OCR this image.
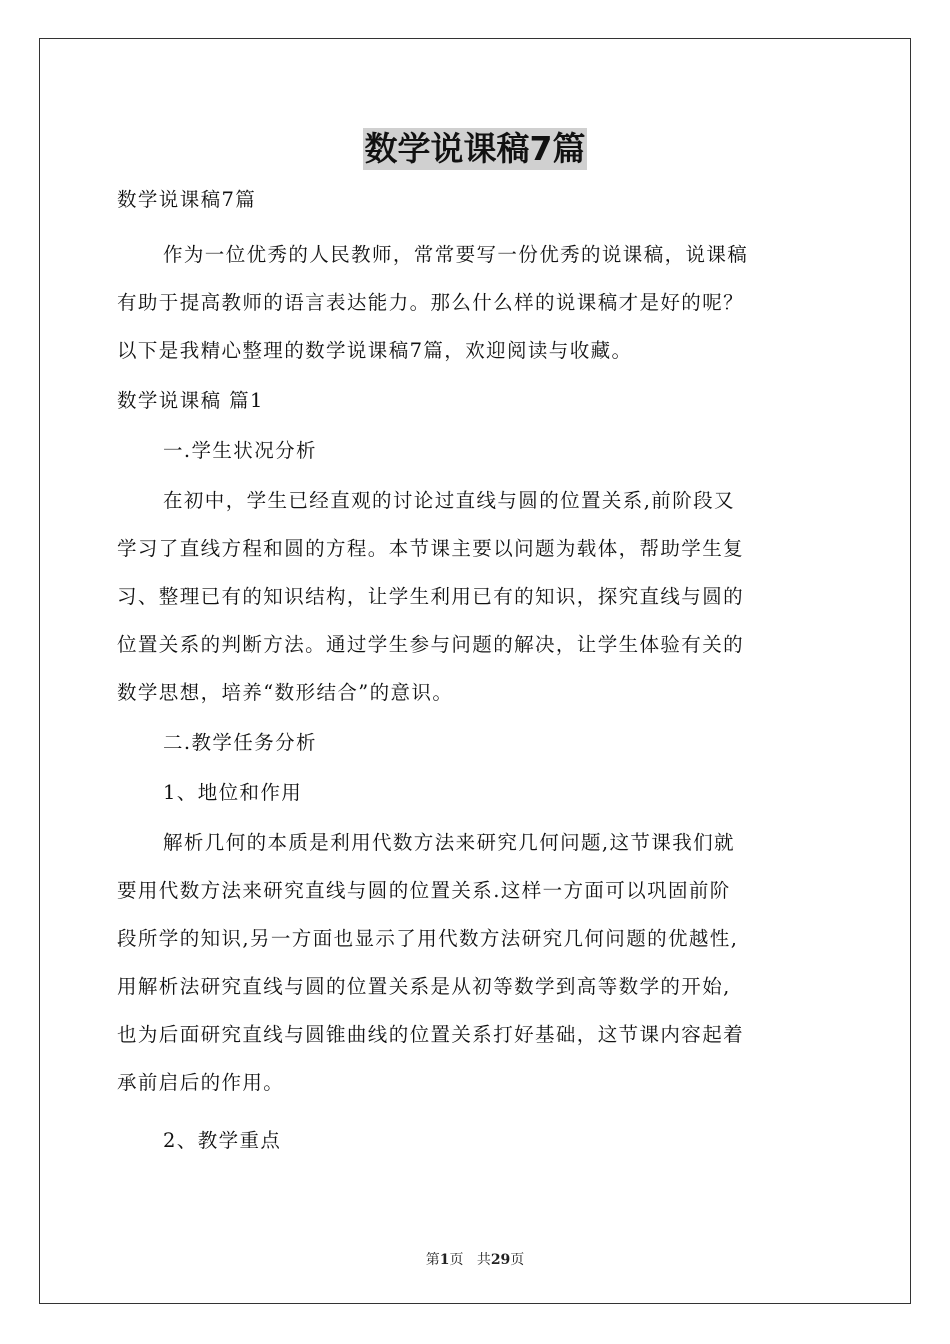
数学说课稿7篇
数学说课稿7篇
作为一位优秀的人民教师，常常要写一份优秀的说课稿，说课稿
有助于提高教师的语言表达能力。那么什么样的说课稿才是好的呢？
以下是我精心整理的数学说课稿7篇，欢迎阅读与收藏。
数学说课稿 篇1
一.学生状况分析
在初中，学生已经直观的讨论过直线与圆的位置关系,前阶段又
学习了直线方程和圆的方程。本节课主要以问题为载体，帮助学生复
习、整理已有的知识结构，让学生利用已有的知识，探究直线与圆的
位置关系的判断方法。通过学生参与问题的解决，让学生体验有关的
数学思想，培养“数形结合”的意识。
二.教学任务分析
1、地位和作用
解析几何的本质是利用代数方法来研究几何问题,这节课我们就
要用代数方法来研究直线与圆的位置关系.这样一方面可以巩固前阶
段所学的知识,另一方面也显示了用代数方法研究几何问题的优越性,
用解析法研究直线与圆的位置关系是从初等数学到高等数学的开始,
也为后面研究直线与圆锥曲线的位置关系打好基础，这节课内容起着
承前启后的作用。
2、教学重点
第1页 共29页
